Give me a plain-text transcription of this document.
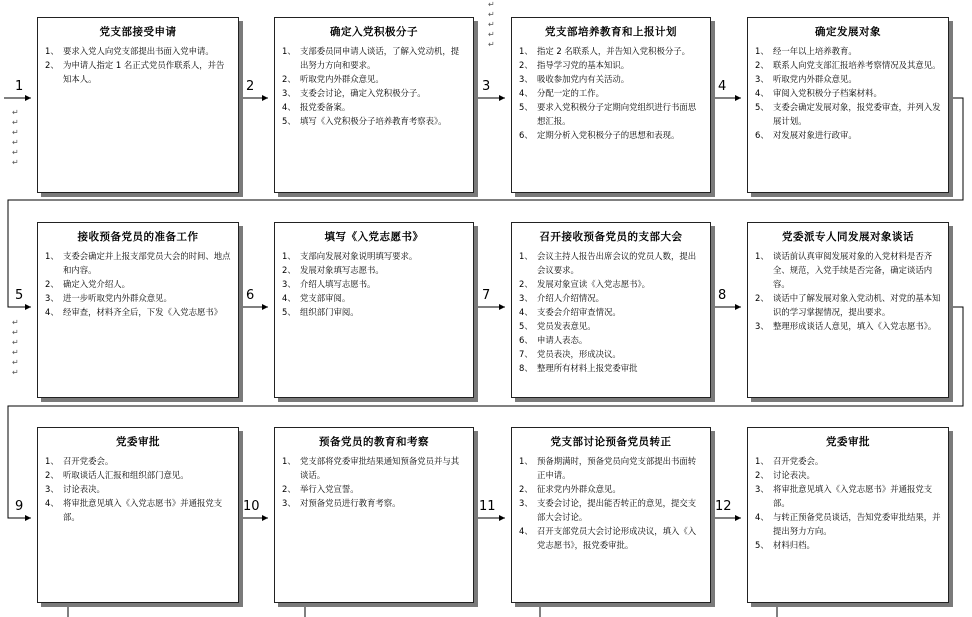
↵
↵
↵
↵
↵
↵
↵
↵
↵
↵
↵
↵
↵
↵
↵
↵
↵
党支部接受申请
1、 要求入党人向党支部提出书面入党申请。
2、 为申请人指定 1 名正式党员作联系人，并告知本人。
确定入党积极分子
1、 支部委员同申请人谈话，了解入党动机，提出努力方向和要求。
2、 听取党内外群众意见。
3、 支委会讨论，确定入党积极分子。
4、 报党委备案。
5、 填写《入党积极分子培养教育考察表》。
党支部培养教育和上报计划
1、 指定 2 名联系人，并告知入党积极分子。
2、 指导学习党的基本知识。
3、 吸收参加党内有关活动。
4、 分配一定的工作。
5、 要求入党积极分子定期向党组织进行书面思想汇报。
6、 定期分析入党积极分子的思想和表现。
确定发展对象
1、 经一年以上培养教育。
2、 联系人向党支部汇报培养考察情况及其意见。
3、 听取党内外群众意见。
4、 审阅入党积极分子档案材料。
5、 支委会确定发展对象，报党委审查，并列入发展计划。
6、 对发展对象进行政审。
接收预备党员的准备工作
1、 支委会确定并上报支部党员大会的时间、地点和内容。
2、 确定入党介绍人。
3、 进一步听取党内外群众意见。
4、 经审查，材料齐全后，下发《入党志愿书》
填写《入党志愿书》
1、 支部向发展对象说明填写要求。
2、 发展对象填写志愿书。
3、 介绍人填写志愿书。
4、 党支部审阅。
5、 组织部门审阅。
召开接收预备党员的支部大会
1、 会议主持人报告出席会议的党员人数，提出会议要求。
2、 发展对象宣读《入党志愿书》。
3、 介绍人介绍情况。
4、 支委会介绍审查情况。
5、 党员发表意见。
6、 申请人表态。
7、 党员表决，形成决议。
8、 整理所有材料上报党委审批
党委派专人同发展对象谈话
1、 谈话前认真审阅发展对象的入党材料是否齐全、规范，入党手续是否完备，确定谈话内容。
2、 谈话中了解发展对象入党动机、对党的基本知识的学习掌握情况，提出要求。
3、 整理形成谈话人意见，填入《入党志愿书》。
党委审批
1、 召开党委会。
2、 听取谈话人汇报和组织部门意见。
3、 讨论表决。
4、 将审批意见填入《入党志愿书》并通报党支部。
预备党员的教育和考察
1、 党支部将党委审批结果通知预备党员并与其谈话。
2、 举行入党宣誓。
3、 对预备党员进行教育考察。
党支部讨论预备党员转正
1、 预备期满时，预备党员向党支部提出书面转正申请。
2、 征求党内外群众意见。
3、 支委会讨论，提出能否转正的意见，提交支部大会讨论。
4、 召开支部党员大会讨论形成决议，填入《入党志愿书》，报党委审批。
党委审批
1、 召开党委会。
2、 讨论表决。
3、 将审批意见填入《入党志愿书》并通报党支部。
4、 与转正预备党员谈话，告知党委审批结果，并提出努力方向。
5、 材料归档。
1	2	3	4
5	6	7	8
9	10	11	12
